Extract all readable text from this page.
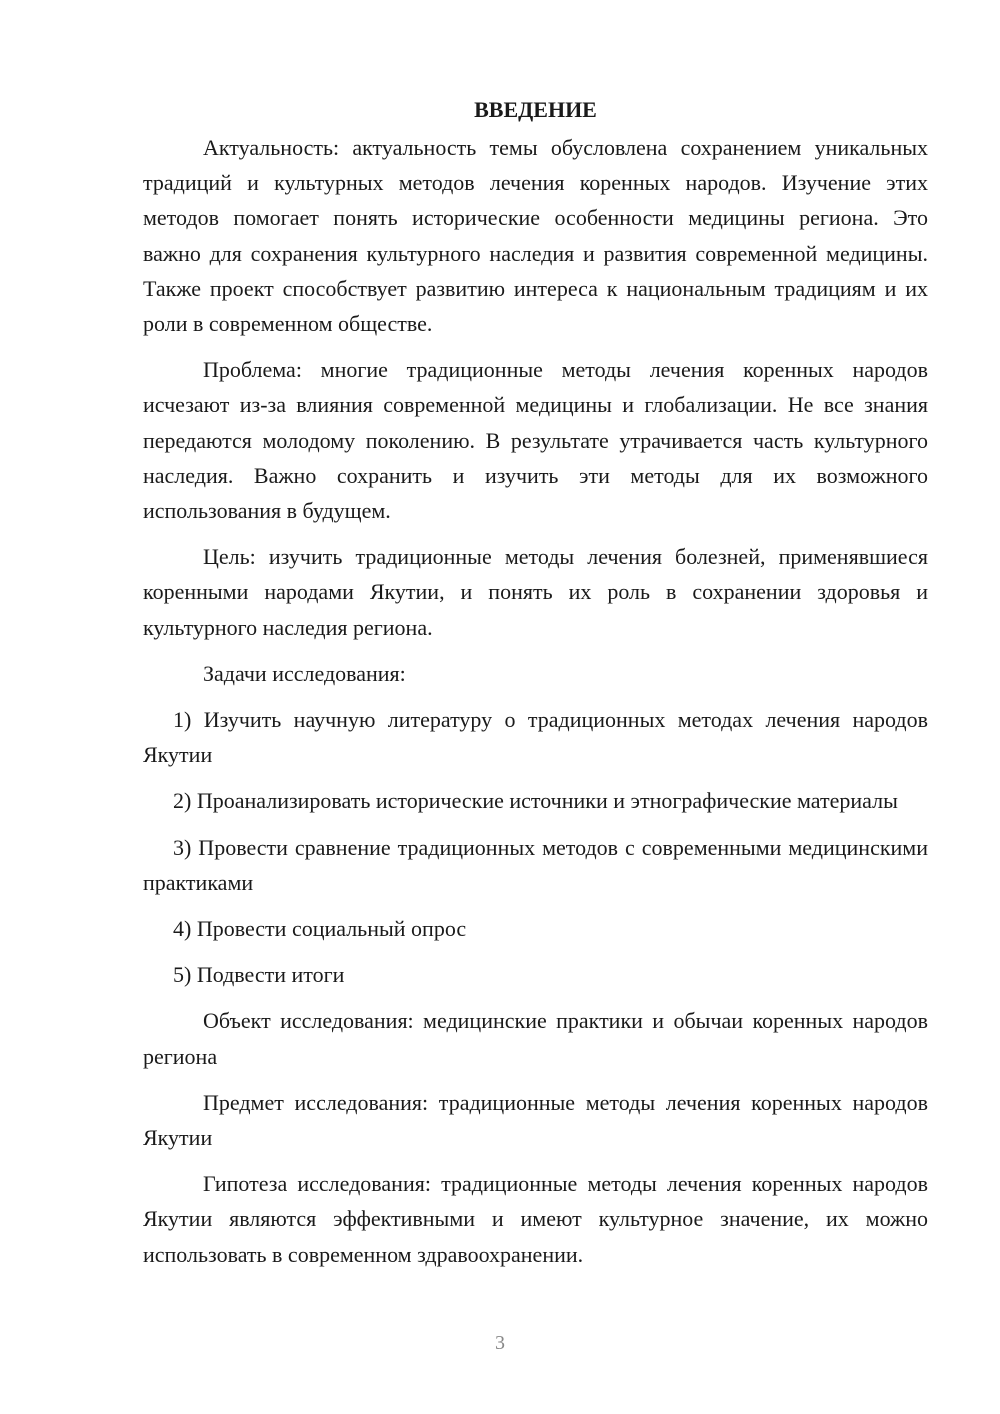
ВВЕДЕНИЕ

Актуальность: актуальность темы обусловлена сохранением уникальных традиций и культурных методов лечения коренных народов. Изучение этих методов помогает понять исторические особенности медицины региона. Это важно для сохранения культурного наследия и развития современной медицины. Также проект способствует развитию интереса к национальным традициям и их роли в современном обществе.

Проблема: многие традиционные методы лечения коренных народов исчезают из-за влияния современной медицины и глобализации. Не все знания передаются молодому поколению. В результате утрачивается часть культурного наследия. Важно сохранить и изучить эти методы для их возможного использования в будущем.

Цель: изучить традиционные методы лечения болезней, применявшиеся коренными народами Якутии, и понять их роль в сохранении здоровья и культурного наследия региона.

Задачи исследования:

1) Изучить научную литературу о традиционных методах лечения народов Якутии

2) Проанализировать исторические источники и этнографические материалы

3) Провести сравнение традиционных методов с современными медицинскими практиками

4) Провести социальный опрос

5) Подвести итоги

Объект исследования: медицинские практики и обычаи коренных народов региона

Предмет исследования: традиционные методы лечения коренных народов Якутии

Гипотеза исследования: традиционные методы лечения коренных народов Якутии являются эффективными и имеют культурное значение, их можно использовать в современном здравоохранении.

3
